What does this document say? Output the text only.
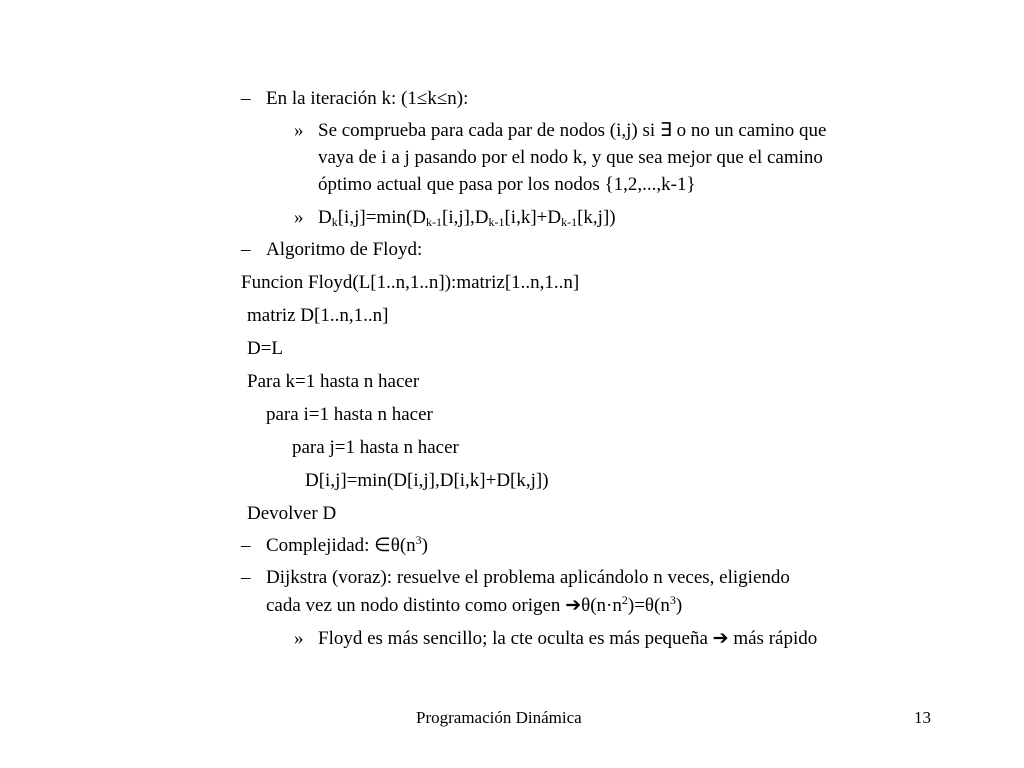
– En la iteración k: (1≤k≤n):
» Se comprueba para cada par de nodos (i,j) si ∃ o no un camino que
vaya de i a j pasando por el nodo k, y que sea mejor que el camino
óptimo actual que pasa por los nodos {1,2,...,k-1}
» $D_k[i,j]=\min(D_{k-1}[i,j],D_{k-1}[i,k]+D_{k-1}[k,j])$
– Algoritmo de Floyd:
Funcion Floyd(L[1..n,1..n]):matriz[1..n,1..n]
matriz D[1..n,1..n]
D=L
Para k=1 hasta n hacer
para i=1 hasta n hacer
para j=1 hasta n hacer
D[i,j]=min(D[i,j],D[i,k]+D[k,j])
Devolver D
– Complejidad: $\in\theta(n^3)$
– Dijkstra (voraz): resuelve el problema aplicándolo n veces, eligiendo
cada vez un nodo distinto como origen $➔\theta(n\cdot n^2)=\theta(n^3)$
» Floyd es más sencillo; la cte oculta es más pequeña ➔ más rápido
Programación Dinámica	13
